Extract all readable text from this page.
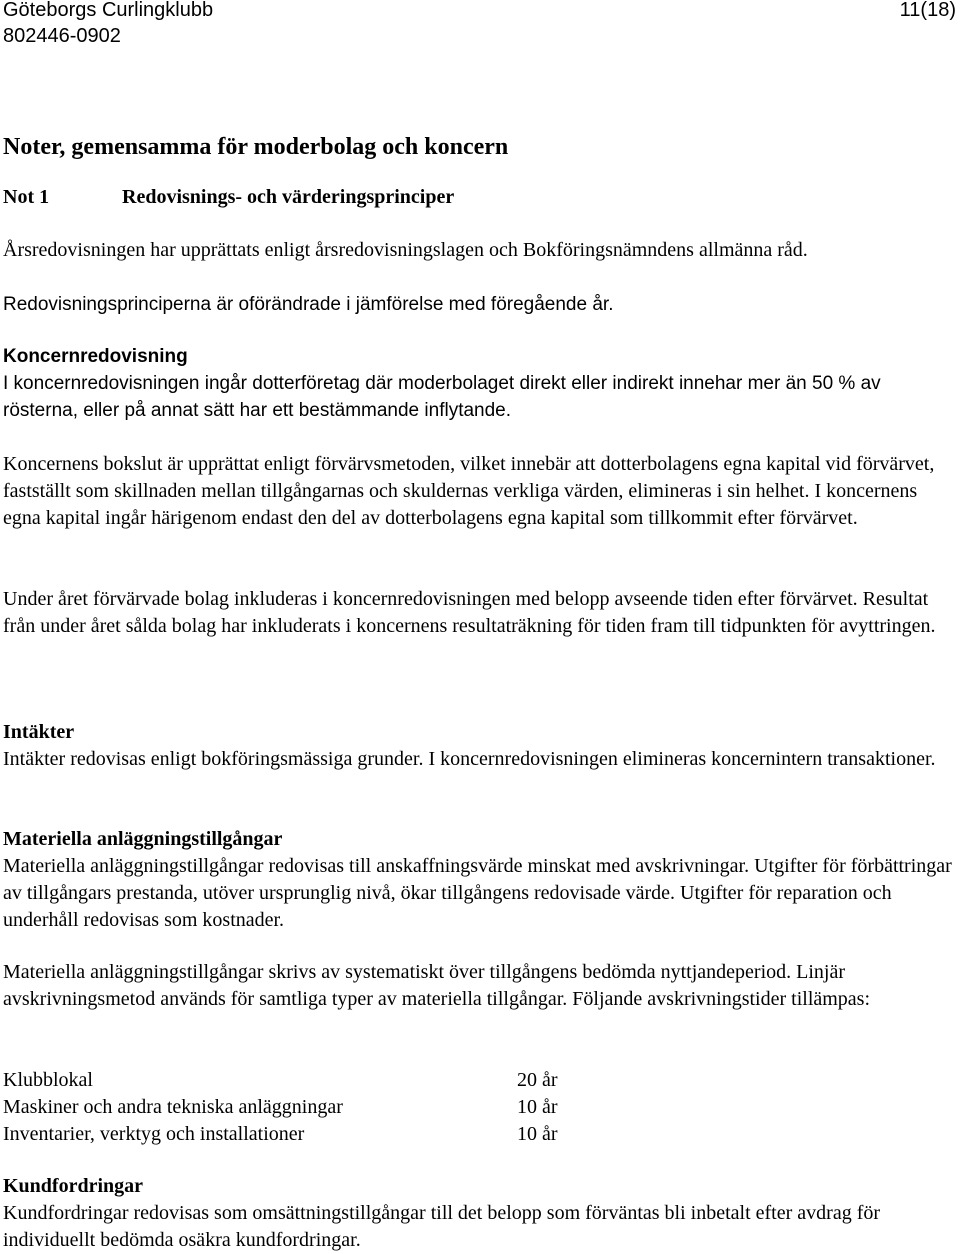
Göteborgs Curlingklubb	11(18)
802446-0902
Noter, gemensamma för moderbolag och koncern
Not 1	Redovisnings- och värderingsprinciper

Årsredovisningen har upprättats enligt årsredovisningslagen och Bokföringsnämndens allmänna råd.

Redovisningsprinciperna är oförändrade i jämförelse med föregående år.

Koncernredovisning

I koncernredovisningen ingår dotterföretag där moderbolaget direkt eller indirekt innehar mer än 50 % av rösterna, eller på annat sätt har ett bestämmande inflytande.

Koncernens bokslut är upprättat enligt förvärvsmetoden, vilket innebär att dotterbolagens egna kapital vid förvärvet, fastställt som skillnaden mellan tillgångarnas och skuldernas verkliga värden, elimineras i sin helhet. I koncernens egna kapital ingår härigenom endast den del av dotterbolagens egna kapital som tillkommit efter förvärvet.

Under året förvärvade bolag inkluderas i koncernredovisningen med belopp avseende tiden efter förvärvet. Resultat från under året sålda bolag har inkluderats i koncernens resultaträkning för tiden fram till tidpunkten för avyttringen.

Intäkter

Intäkter redovisas enligt bokföringsmässiga grunder. I koncernredovisningen elimineras koncernintern transaktioner.

Materiella anläggningstillgångar

Materiella anläggningstillgångar redovisas till anskaffningsvärde minskat med avskrivningar. Utgifter för förbättringar av tillgångars prestanda, utöver ursprunglig nivå, ökar tillgångens redovisade värde. Utgifter för reparation och underhåll redovisas som kostnader.

Materiella anläggningstillgångar skrivs av systematiskt över tillgångens bedömda nyttjandeperiod. Linjär avskrivningsmetod används för samtliga typer av materiella tillgångar. Följande avskrivningstider tillämpas:

Klubblokal	20 år
Maskiner och andra tekniska anläggningar	10 år
Inventarier, verktyg och installationer	10 år
Kundfordringar

Kundfordringar redovisas som omsättningstillgångar till det belopp som förväntas bli inbetalt efter avdrag för individuellt bedömda osäkra kundfordringar.
